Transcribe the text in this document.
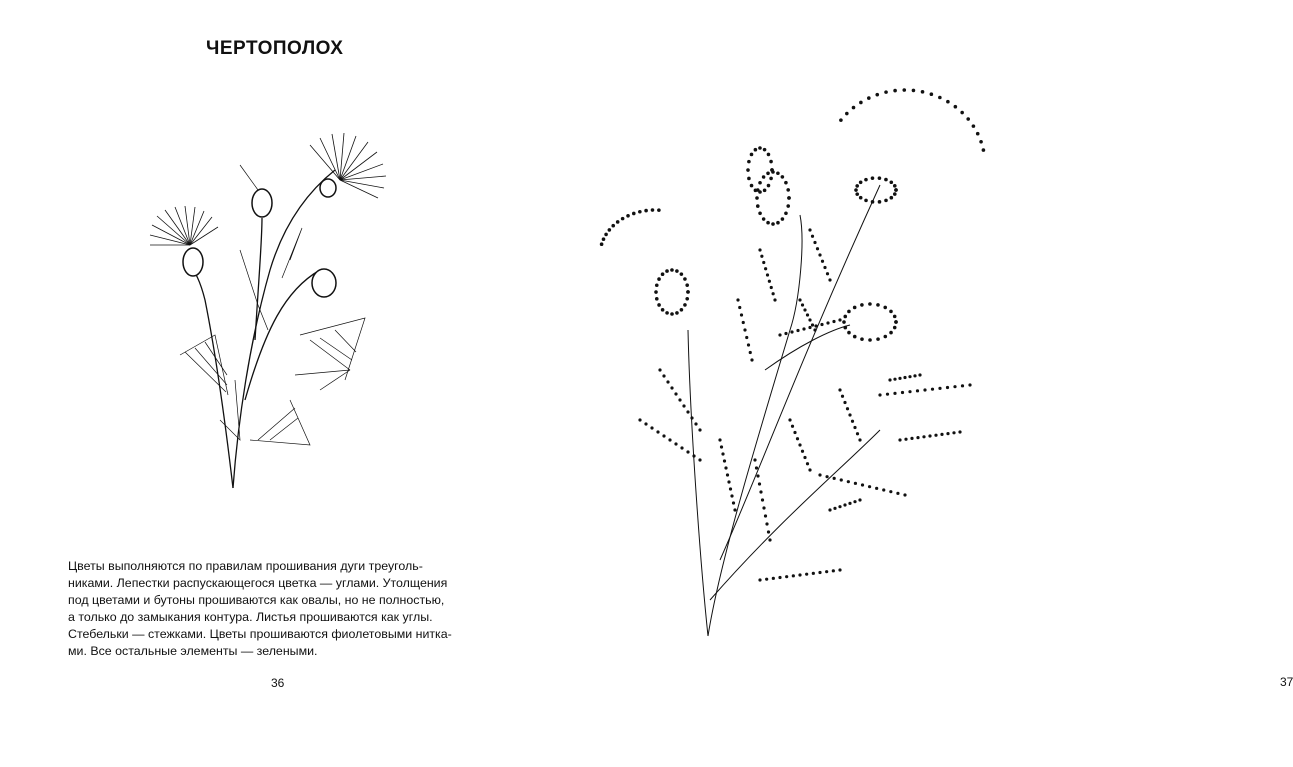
ЧЕРТОПОЛОХ
Цветы выполняются по правилам прошивания дуги треуголь-
никами. Лепестки распускающегося цветка — углами. Утолщения
под цветами и бутоны прошиваются как овалы, но не полностью,
а только до замыкания контура. Листья прошиваются как углы.
Стебельки — стежками. Цветы прошиваются фиолетовыми нитка-
ми. Все остальные элементы — зелеными.
36	37
